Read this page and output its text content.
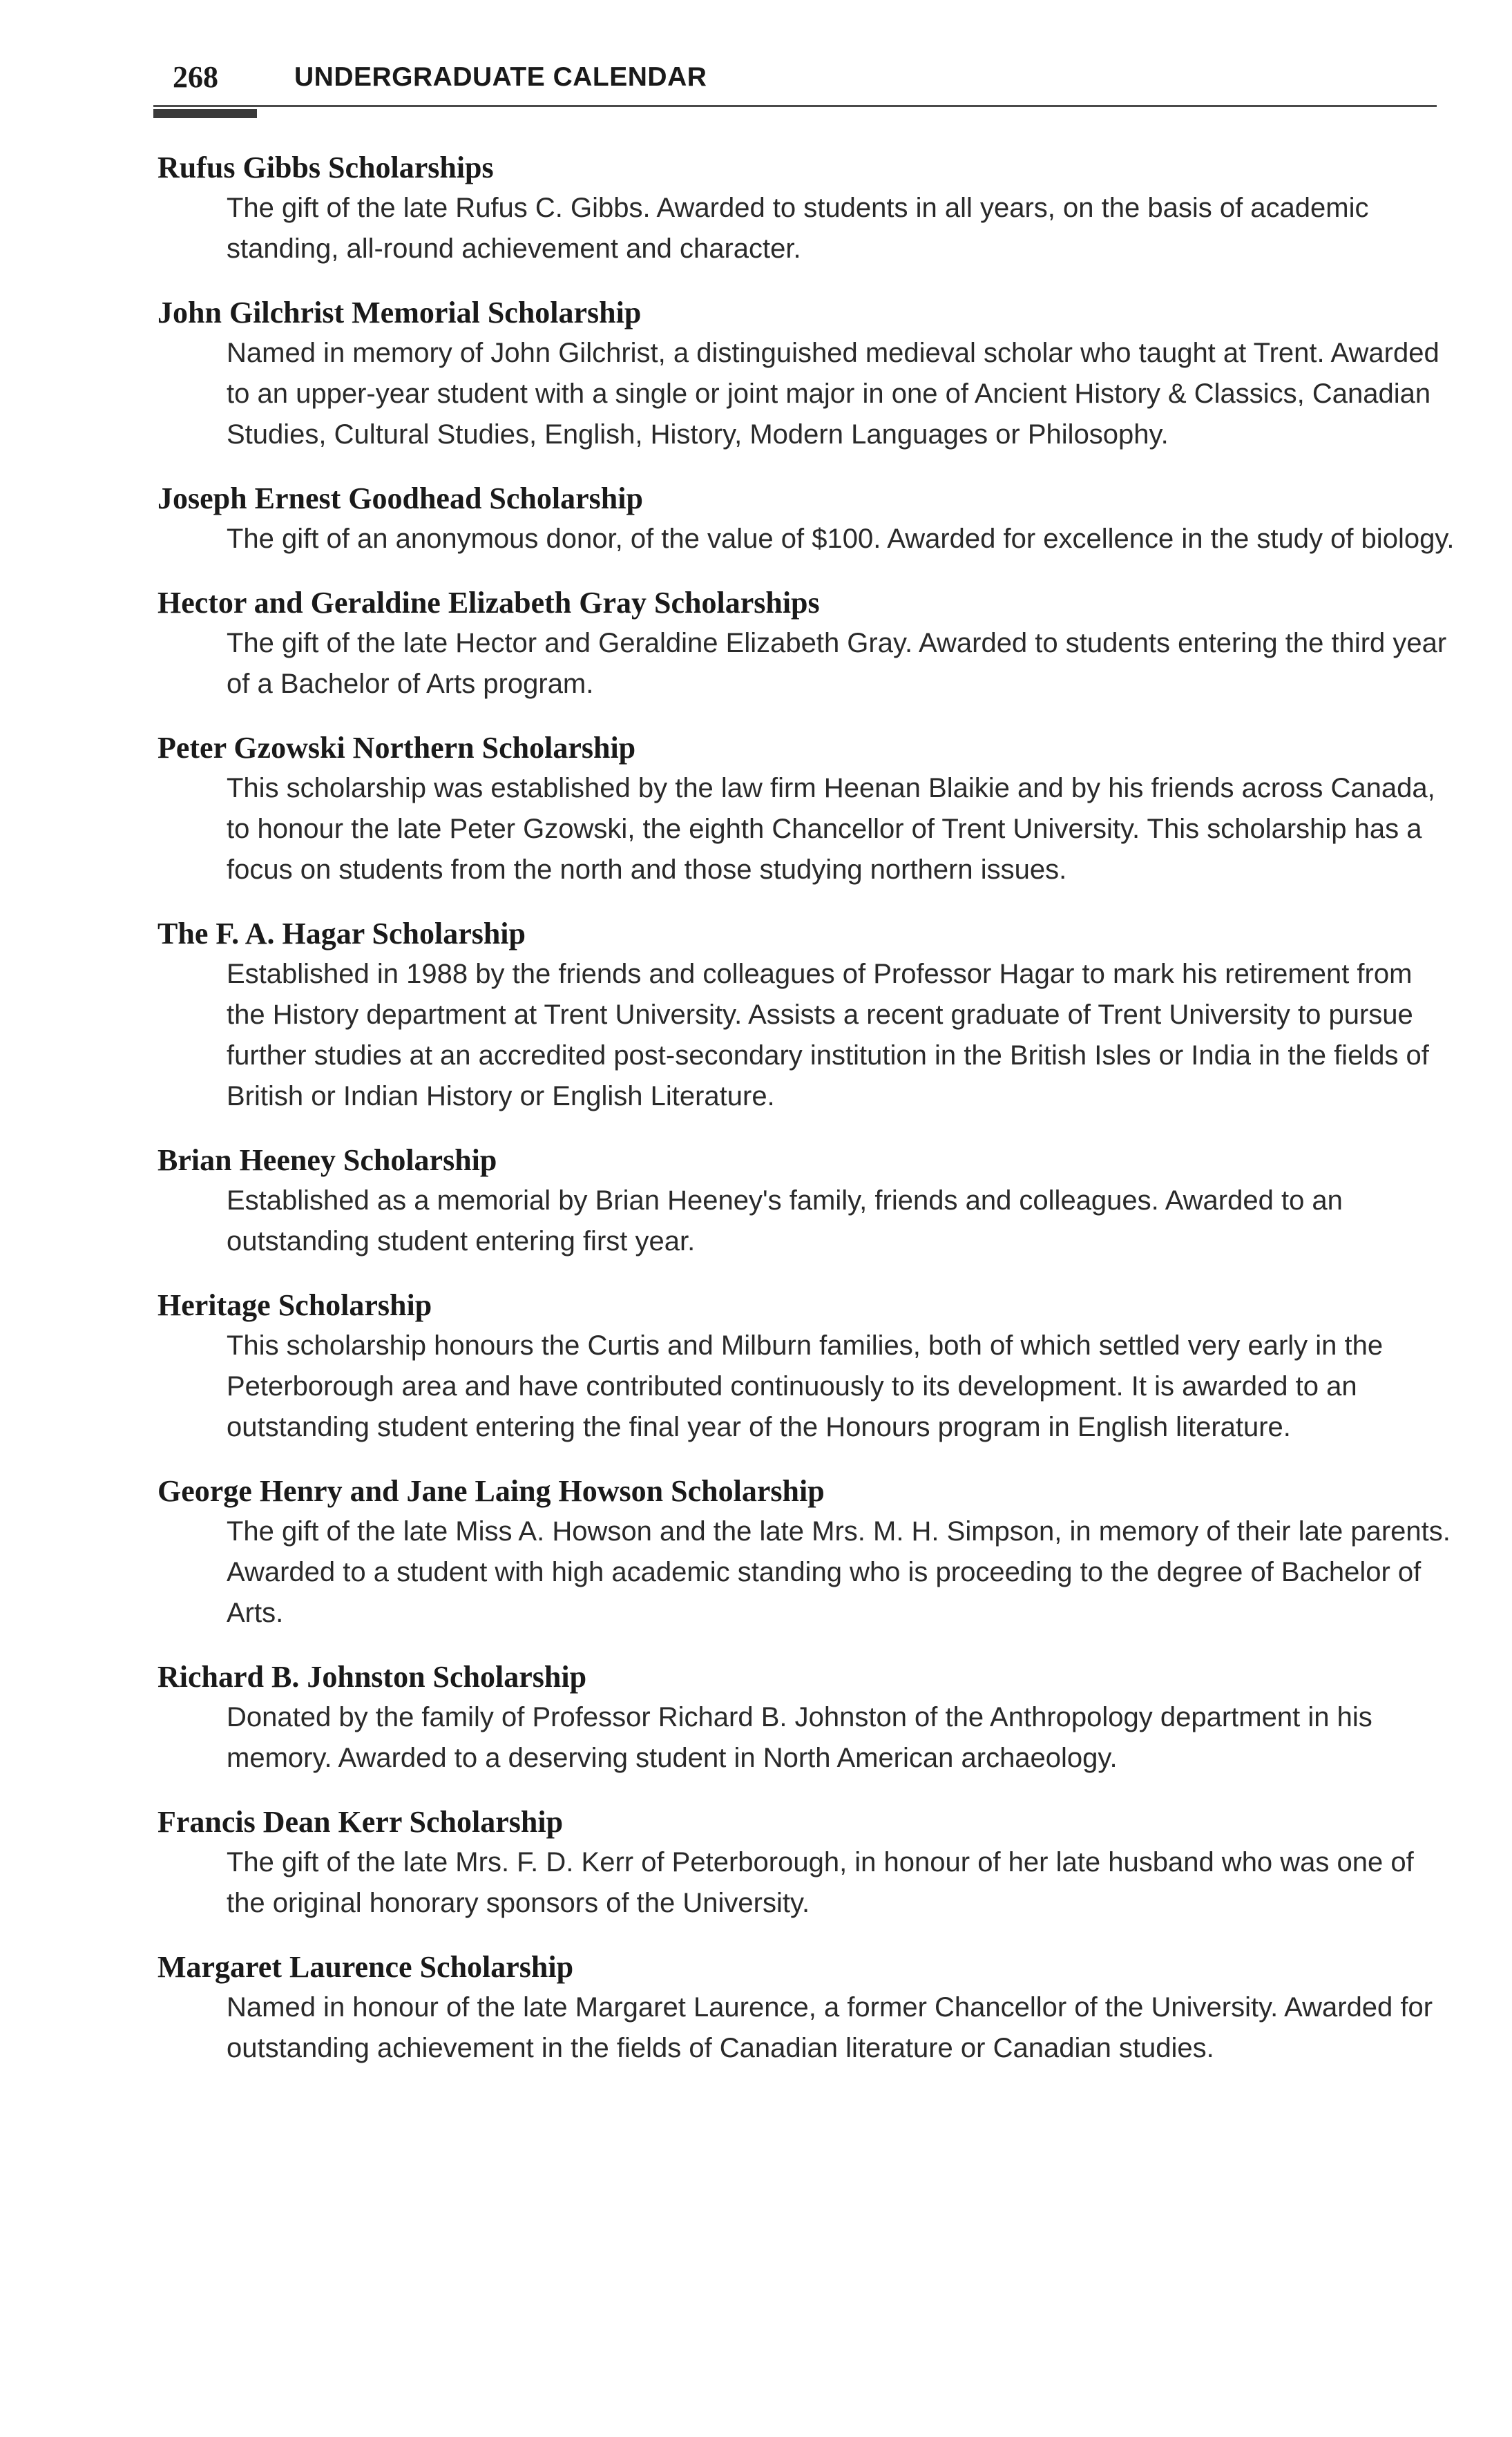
268	UNDERGRADUATE CALENDAR
Rufus Gibbs Scholarships
The gift of the late Rufus C. Gibbs. Awarded to students in all years, on the basis of academic standing, all-round achievement and character.
John Gilchrist Memorial Scholarship
Named in memory of John Gilchrist, a distinguished medieval scholar who taught at Trent. Awarded to an upper-year student with a single or joint major in one of Ancient History & Classics, Canadian Studies, Cultural Studies, English, History, Modern Languages or Philosophy.
Joseph Ernest Goodhead Scholarship
The gift of an anonymous donor, of the value of $100. Awarded for excellence in the study of biology.
Hector and Geraldine Elizabeth Gray Scholarships
The gift of the late Hector and Geraldine Elizabeth Gray. Awarded to students entering the third year of a Bachelor of Arts program.
Peter Gzowski Northern Scholarship
This scholarship was established by the law firm Heenan Blaikie and by his friends across Canada, to honour the late Peter Gzowski, the eighth Chancellor of Trent University. This scholarship has a focus on students from the north and those studying northern issues.
The F. A. Hagar Scholarship
Established in 1988 by the friends and colleagues of Professor Hagar to mark his retirement from the History department at Trent University. Assists a recent graduate of Trent University to pursue further studies at an accredited post-secondary institution in the British Isles or India in the fields of British or Indian History or English Literature.
Brian Heeney Scholarship
Established as a memorial by Brian Heeney's family, friends and colleagues. Awarded to an outstanding student entering first year.
Heritage Scholarship
This scholarship honours the Curtis and Milburn families, both of which settled very early in the Peterborough area and have contributed continuously to its development. It is awarded to an outstanding student entering the final year of the Honours program in English literature.
George Henry and Jane Laing Howson Scholarship
The gift of the late Miss A. Howson and the late Mrs. M. H. Simpson, in memory of their late parents. Awarded to a student with high academic standing who is proceeding to the degree of Bachelor of Arts.
Richard B. Johnston Scholarship
Donated by the family of Professor Richard B. Johnston of the Anthropology department in his memory. Awarded to a deserving student in North American archaeology.
Francis Dean Kerr Scholarship
The gift of the late Mrs. F. D. Kerr of Peterborough, in honour of her late husband who was one of the original honorary sponsors of the University.
Margaret Laurence Scholarship
Named in honour of the late Margaret Laurence, a former Chancellor of the University. Awarded for outstanding achievement in the fields of Canadian literature or Canadian studies.
